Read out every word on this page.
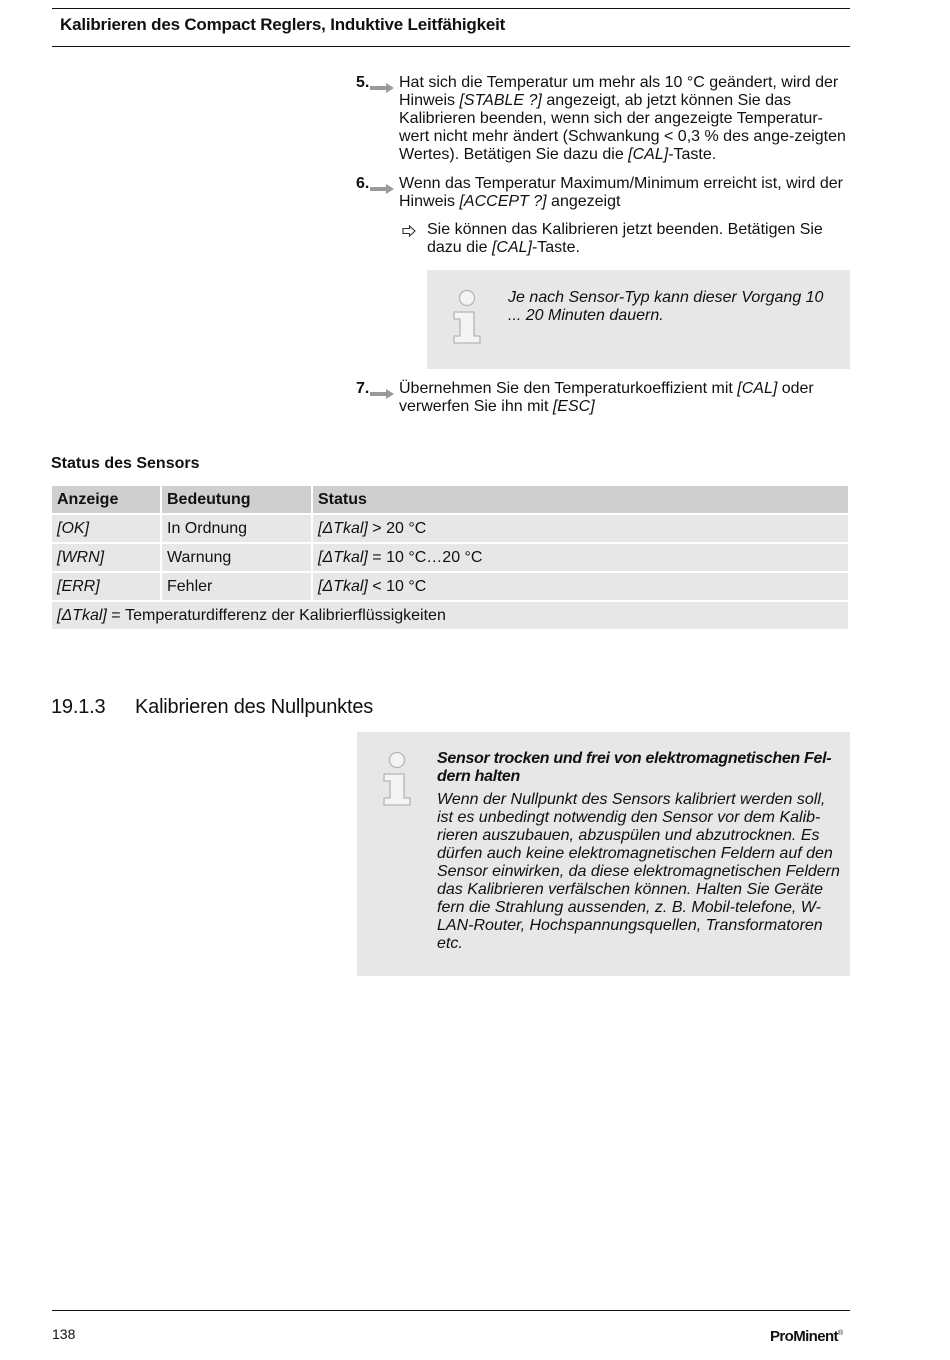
Kalibrieren des Compact Reglers, Induktive Leitfähigkeit
5.	Hat sich die Temperatur um mehr als 10 °C geändert, wird der Hinweis [STABLE ?] angezeigt, ab jetzt können Sie das Kalibrieren beenden, wenn sich der angezeigte Temperatur-wert nicht mehr ändert (Schwankung < 0,3 % des ange-zeigten Wertes). Betätigen Sie dazu die [CAL]-Taste.
6.	Wenn das Temperatur Maximum/Minimum erreicht ist, wird der Hinweis [ACCEPT ?] angezeigt
Sie können das Kalibrieren jetzt beenden. Betätigen Sie dazu die [CAL]-Taste.
Je nach Sensor-Typ kann dieser Vorgang 10 ... 20 Minuten dauern.
7.	Übernehmen Sie den Temperaturkoeffizient mit [CAL] oder verwerfen Sie ihn mit [ESC]
Status des Sensors
Anzeige	Bedeutung	Status
[OK]	In Ordnung	[ΔTkal] > 20 °C
[WRN]	Warnung	[ΔTkal] = 10 °C…20 °C
[ERR]	Fehler	[ΔTkal] < 10 °C
[ΔTkal] = Temperaturdifferenz der Kalibrierflüssigkeiten		
19.1.3 Kalibrieren des Nullpunktes
Sensor trocken und frei von elektromagnetischen Fel-dern halten
Wenn der Nullpunkt des Sensors kalibriert werden soll, ist es unbedingt notwendig den Sensor vor dem Kalib-rieren auszubauen, abzuspülen und abzutrocknen. Es dürfen auch keine elektromagnetischen Feldern auf den Sensor einwirken, da diese elektromagnetischen Feldern das Kalibrieren verfälschen können. Halten Sie Geräte fern die Strahlung aussenden, z. B. Mobil-telefone, W-LAN-Router, Hochspannungsquellen, Transformatoren etc.
138	ProMinent®
